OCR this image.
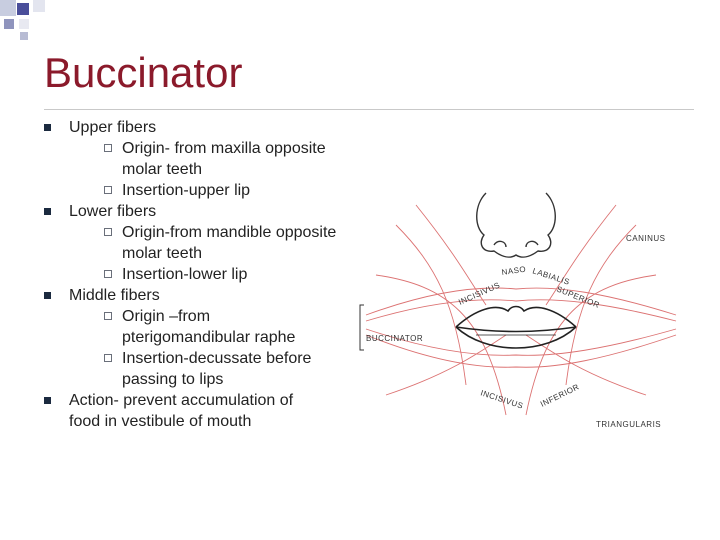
Buccinator
Upper fibers
Origin- from maxilla opposite
molar teeth
Insertion-upper lip
Lower fibers
Origin-from mandible opposite
molar teeth
Insertion-lower lip
Middle fibers
Origin –from
pterigomandibular raphe
Insertion-decussate before
passing to lips
Action- prevent accumulation of
food in vestibule of mouth
CANINUS
NASO LABIALIS
SUPERIOR
INCISIVUS
BUCCINATOR
INCISIVUS INFERIOR
TRIANGULARIS
